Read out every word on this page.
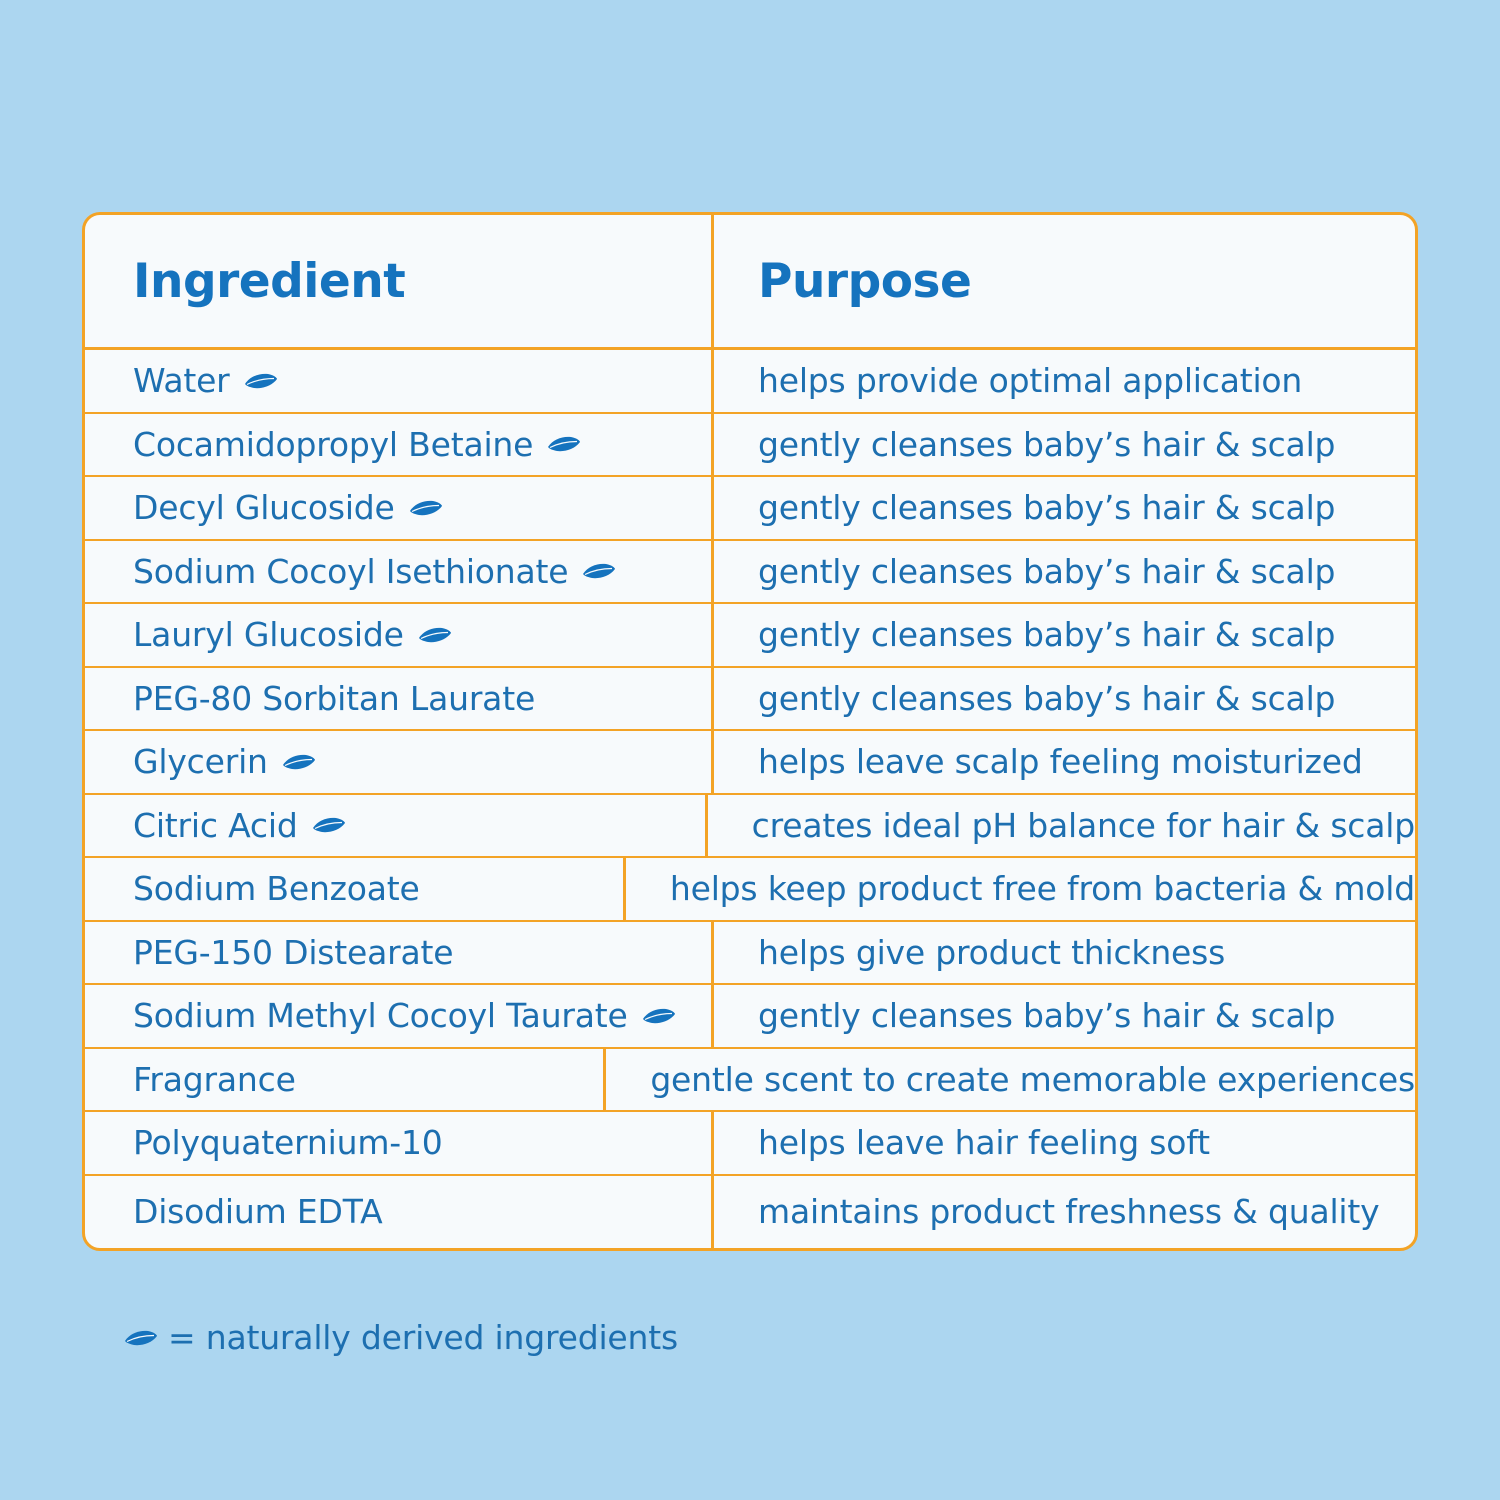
Ingredient	Purpose
Water	helps provide optimal application
Cocamidopropyl Betaine	gently cleanses baby’s hair & scalp
Decyl Glucoside	gently cleanses baby’s hair & scalp
Sodium Cocoyl Isethionate	gently cleanses baby’s hair & scalp
Lauryl Glucoside	gently cleanses baby’s hair & scalp
PEG-80 Sorbitan Laurate	gently cleanses baby’s hair & scalp
Glycerin	helps leave scalp feeling moisturized
Citric Acid	creates ideal pH balance for hair & scalp
Sodium Benzoate	helps keep product free from bacteria & mold
PEG-150 Distearate	helps give product thickness
Sodium Methyl Cocoyl Taurate	gently cleanses baby’s hair & scalp
Fragrance	gentle scent to create memorable experiences
Polyquaternium-10	helps leave hair feeling soft
Disodium EDTA	maintains product freshness & quality
= naturally derived ingredients
